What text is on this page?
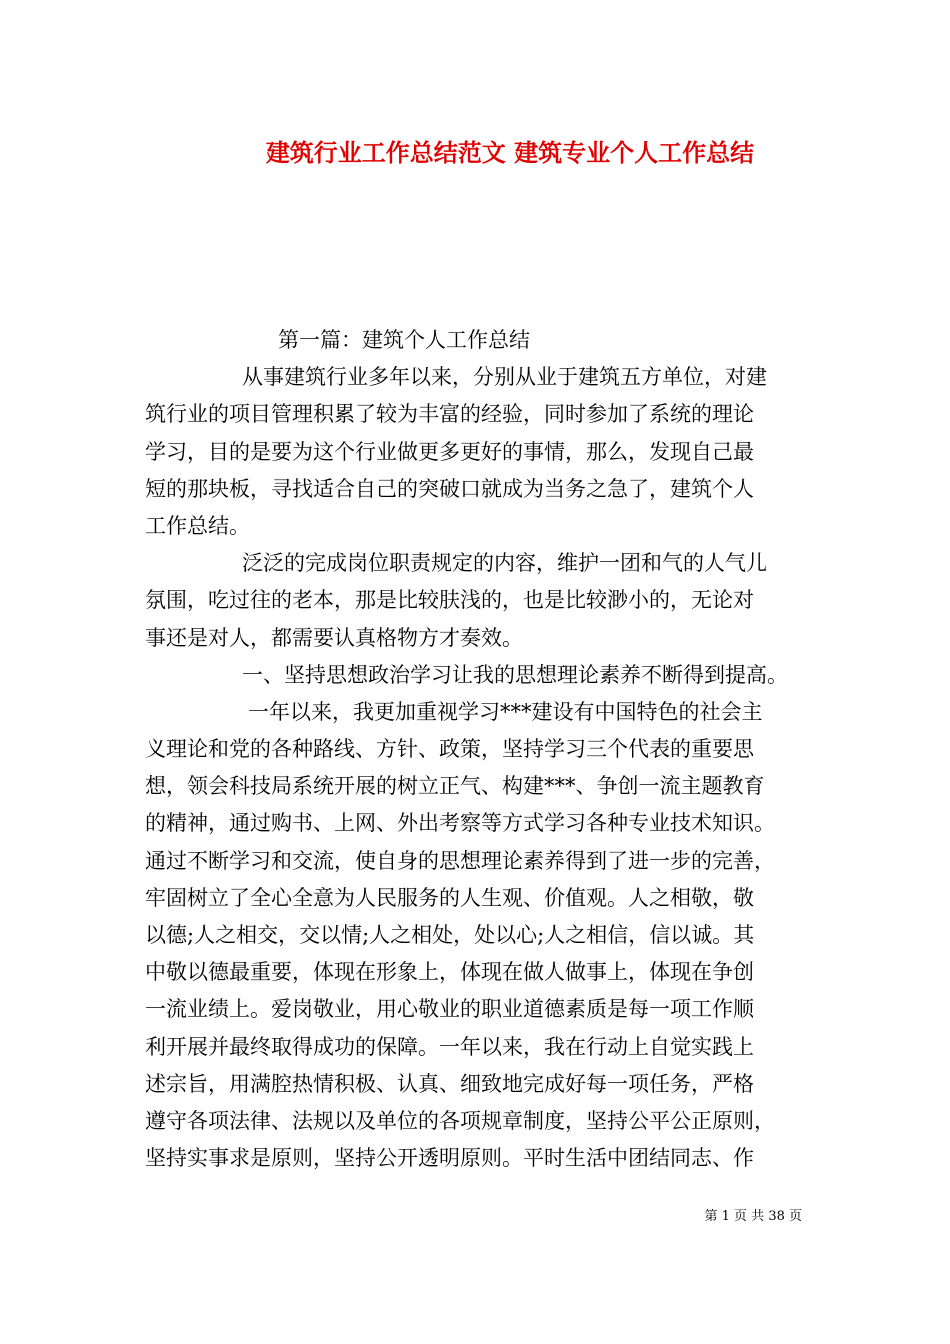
建筑行业工作总结范文 建筑专业个人工作总结
第一篇：建筑个人工作总结
从事建筑行业多年以来，分别从业于建筑五方单位，对建
筑行业的项目管理积累了较为丰富的经验，同时参加了系统的理论
学习，目的是要为这个行业做更多更好的事情，那么，发现自己最
短的那块板，寻找适合自己的突破口就成为当务之急了，建筑个人
工作总结。
泛泛的完成岗位职责规定的内容，维护一团和气的人气儿
氛围，吃过往的老本，那是比较肤浅的，也是比较渺小的，无论对
事还是对人，都需要认真格物方才奏效。
一、坚持思想政治学习让我的思想理论素养不断得到提高。
一年以来，我更加重视学习***建设有中国特色的社会主
义理论和党的各种路线、方针、政策，坚持学习三个代表的重要思
想，领会科技局系统开展的树立正气、构建***、争创一流主题教育
的精神，通过购书、上网、外出考察等方式学习各种专业技术知识。
通过不断学习和交流，使自身的思想理论素养得到了进一步的完善，
牢固树立了全心全意为人民服务的人生观、价值观。人之相敬，敬
以德;人之相交，交以情;人之相处，处以心;人之相信，信以诚。其
中敬以德最重要，体现在形象上，体现在做人做事上，体现在争创
一流业绩上。爱岗敬业，用心敬业的职业道德素质是每一项工作顺
利开展并最终取得成功的保障。一年以来，我在行动上自觉实践上
述宗旨，用满腔热情积极、认真、细致地完成好每一项任务，严格
遵守各项法律、法规以及单位的各项规章制度，坚持公平公正原则，
坚持实事求是原则，坚持公开透明原则。平时生活中团结同志、作
第 1 页 共 38 页
